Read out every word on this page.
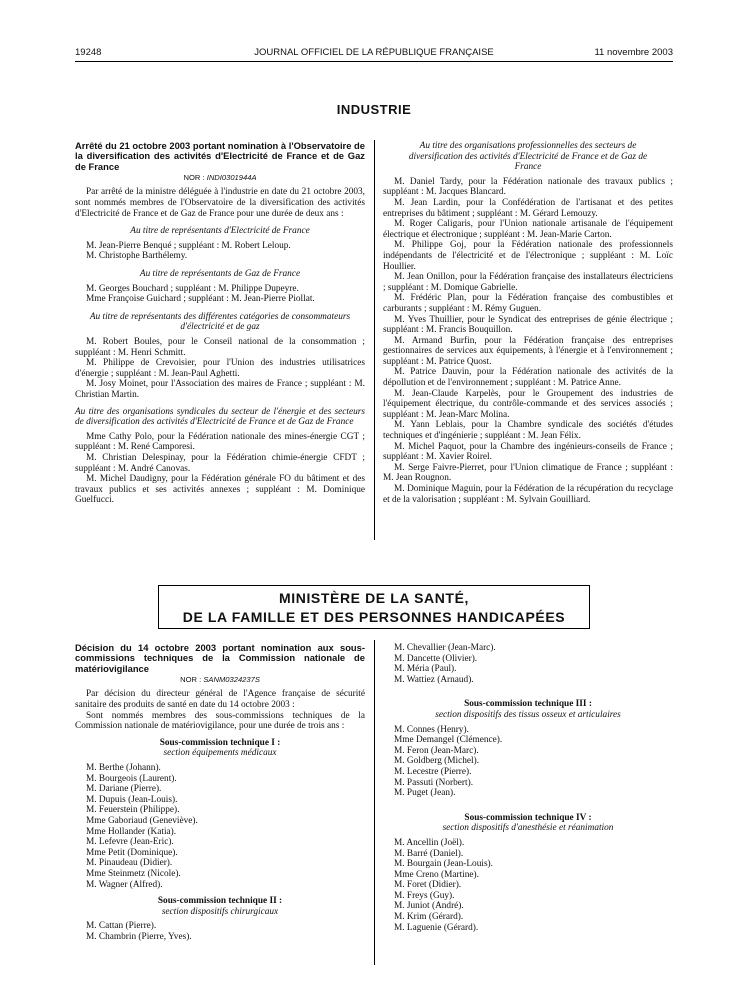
19248	JOURNAL OFFICIEL DE LA RÉPUBLIQUE FRANÇAISE	11 novembre 2003
INDUSTRIE

Arrêté du 21 octobre 2003 portant nomination à l'Observatoire de la diversification des activités d'Electricité de France et de Gaz de France

NOR : INDI0301944A

Par arrêté de la ministre déléguée à l'industrie en date du 21 octobre 2003, sont nommés membres de l'Observatoire de la diversification des activités d'Electricité de France et de Gaz de France pour une durée de deux ans :

Au titre de représentants d'Electricité de France

M. Jean-Pierre Benqué ; suppléant : M. Robert Leloup.

M. Christophe Barthélemy.

Au titre de représentants de Gaz de France

M. Georges Bouchard ; suppléant : M. Philippe Dupeyre.

Mme Françoise Guichard ; suppléant : M. Jean-Pierre Piollat.

Au titre de représentants des différentes catégories de consommateurs d'électricité et de gaz

M. Robert Boules, pour le Conseil national de la consommation ; suppléant : M. Henri Schmitt.

M. Philippe de Crevoisier, pour l'Union des industries utilisatrices d'énergie ; suppléant : M. Jean-Paul Aghetti.

M. Josy Moinet, pour l'Association des maires de France ; suppléant : M. Christian Martin.

Au titre des organisations syndicales du secteur de l'énergie et des secteurs de diversification des activités d'Electricité de France et de Gaz de France

Mme Cathy Polo, pour la Fédération nationale des mines-énergie CGT ; suppléant : M. René Camporesi.

M. Christian Delespinay, pour la Fédération chimie-énergie CFDT ; suppléant : M. André Canovas.

M. Michel Daudigny, pour la Fédération générale FO du bâtiment et des travaux publics et ses activités annexes ; suppléant : M. Dominique Guelfucci.

Au titre des organisations professionnelles des secteurs de diversification des activités d'Electricité de France et de Gaz de France

M. Daniel Tardy, pour la Fédération nationale des travaux publics ; suppléant : M. Jacques Blancard.

M. Jean Lardin, pour la Confédération de l'artisanat et des petites entreprises du bâtiment ; suppléant : M. Gérard Lemouzy.

M. Roger Caligaris, pour l'Union nationale artisanale de l'équipement électrique et électronique ; suppléant : M. Jean-Marie Carton.

M. Philippe Goj, pour la Fédération nationale des professionnels indépendants de l'électricité et de l'électronique ; suppléant : M. Loïc Houllier.

M. Jean Onillon, pour la Fédération française des installateurs électriciens ; suppléant : M. Domique Gabrielle.

M. Frédéric Plan, pour la Fédération française des combustibles et carburants ; suppléant : M. Rémy Guguen.

M. Yves Thuillier, pour le Syndicat des entreprises de génie électrique ; suppléant : M. Francis Bouquillon.

M. Armand Burfin, pour la Fédération française des entreprises gestionnaires de services aux équipements, à l'énergie et à l'environnement ; suppléant : M. Patrice Quost.

M. Patrice Dauvin, pour la Fédération nationale des activités de la dépollution et de l'environnement ; suppléant : M. Patrice Anne.

M. Jean-Claude Karpelès, pour le Groupement des industries de l'équipement électrique, du contrôle-commande et des services associés ; suppléant : M. Jean-Marc Molina.

M. Yann Leblais, pour la Chambre syndicale des sociétés d'études techniques et d'ingénierie ; suppléant : M. Jean Félix.

M. Michel Paquot, pour la Chambre des ingénieurs-conseils de France ; suppléant : M. Xavier Roirel.

M. Serge Faivre-Pierret, pour l'Union climatique de France ; suppléant : M. Jean Rougnon.

M. Dominique Maguin, pour la Fédération de la récupération du recyclage et de la valorisation ; suppléant : M. Sylvain Gouilliard.

MINISTÈRE DE LA SANTÉ,
DE LA FAMILLE ET DES PERSONNES HANDICAPÉES

Décision du 14 octobre 2003 portant nomination aux sous-commissions techniques de la Commission nationale de matériovigilance

NOR : SANM0324237S

Par décision du directeur général de l'Agence française de sécurité sanitaire des produits de santé en date du 14 octobre 2003 :

Sont nommés membres des sous-commissions techniques de la Commission nationale de matériovigilance, pour une durée de trois ans :

Sous-commission technique I :
section équipements médicaux

M. Berthe (Johann).

M. Bourgeois (Laurent).

M. Dariane (Pierre).

M. Dupuis (Jean-Louis).

M. Feuerstein (Philippe).

Mme Gaboriaud (Geneviève).

Mme Hollander (Katia).

M. Lefevre (Jean-Eric).

Mme Petit (Dominique).

M. Pinaudeau (Didier).

Mme Steinmetz (Nicole).

M. Wagner (Alfred).

Sous-commission technique II :
section dispositifs chirurgicaux

M. Cattan (Pierre).

M. Chambrin (Pierre, Yves).

M. Chevallier (Jean-Marc).

M. Dancette (Olivier).

M. Méria (Paul).

M. Wattiez (Arnaud).

Sous-commission technique III :
section dispositifs des tissus osseux et articulaires

M. Connes (Henry).

Mme Demangel (Clémence).

M. Feron (Jean-Marc).

M. Goldberg (Michel).

M. Lecestre (Pierre).

M. Passuti (Norbert).

M. Puget (Jean).

Sous-commission technique IV :
section dispositifs d'anesthésie et réanimation

M. Ancellin (Joël).

M. Barré (Daniel).

M. Bourgain (Jean-Louis).

Mme Creno (Martine).

M. Foret (Didier).

M. Freys (Guy).

M. Juniot (André).

M. Krim (Gérard).

M. Laguenie (Gérard).
